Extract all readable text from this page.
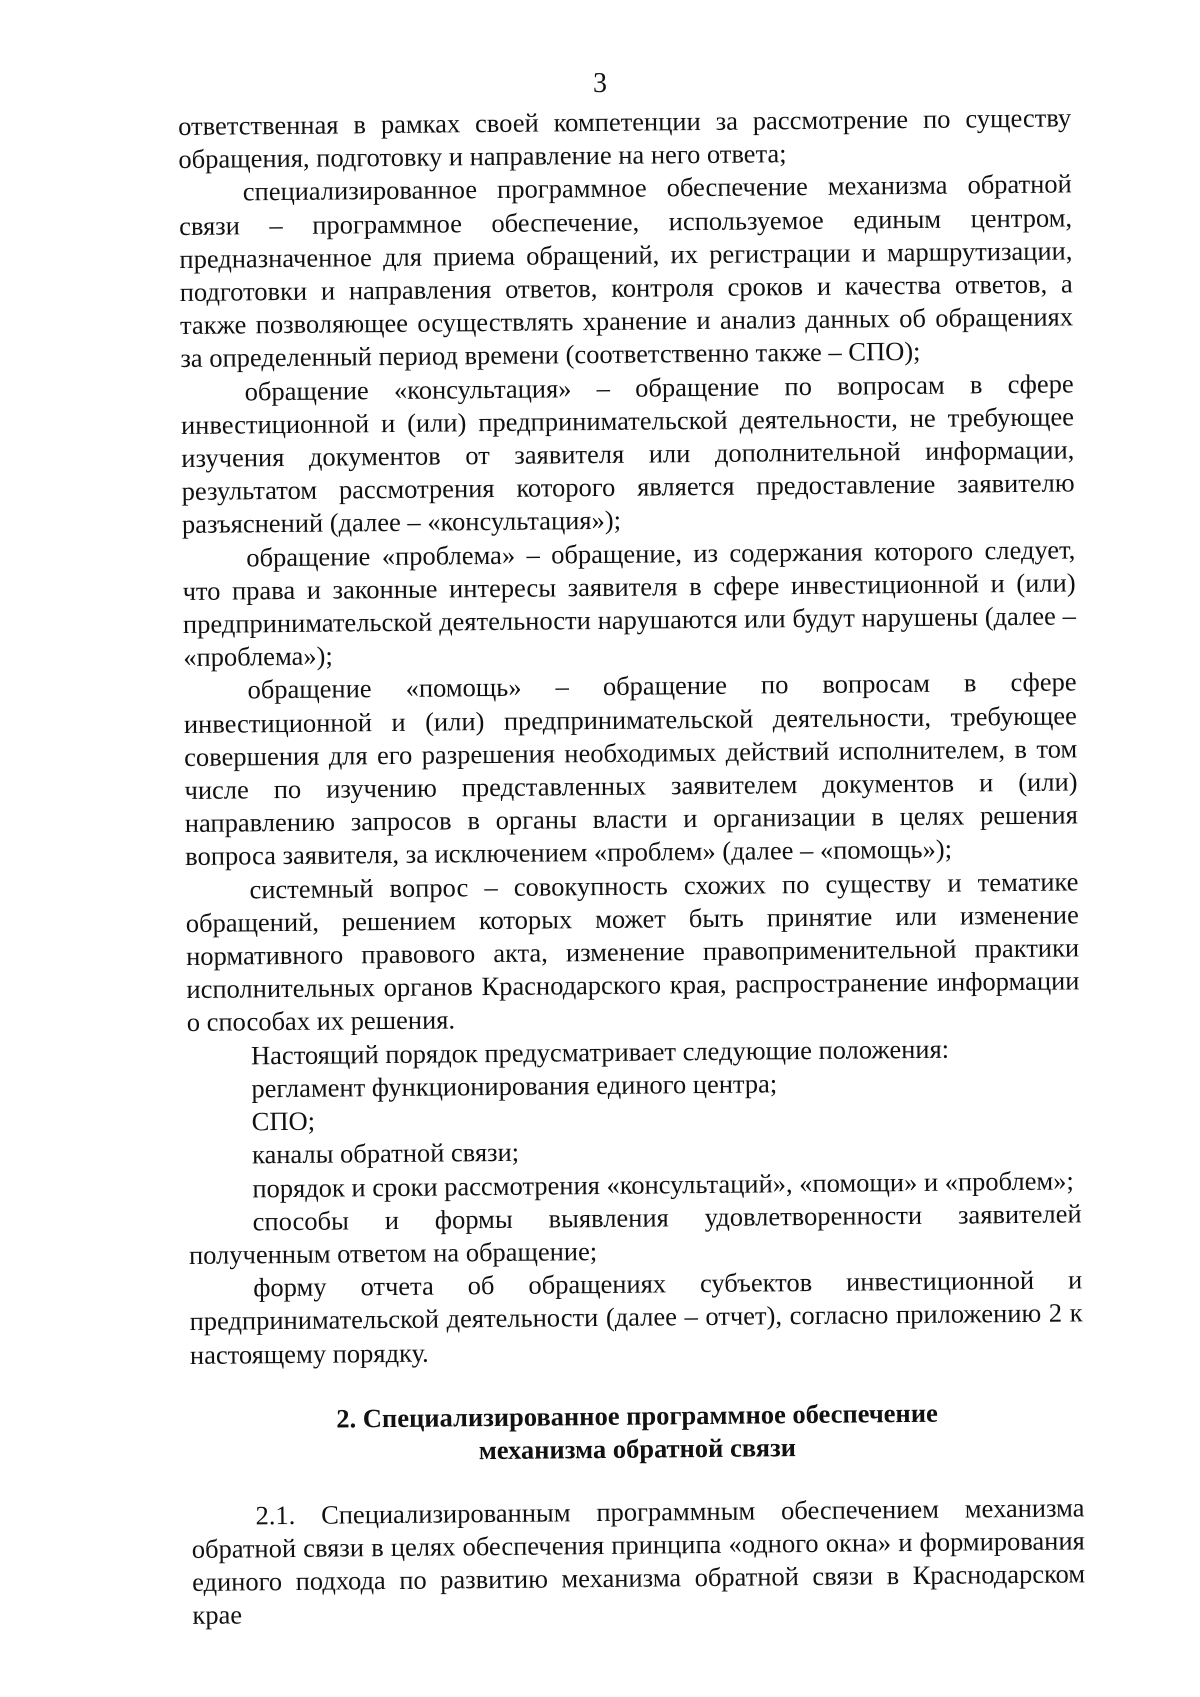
3

ответственная в рамках своей компетенции за рассмотрение по существу обращения, подготовку и направление на него ответа;

специализированное программное обеспечение механизма обратной связи – программное обеспечение, используемое единым центром, предназначенное для приема обращений, их регистрации и маршрутизации, подготовки и направления ответов, контроля сроков и качества ответов, а также позволяющее осуществлять хранение и анализ данных об обращениях за определенный период времени (соответственно также – СПО);

обращение «консультация» – обращение по вопросам в сфере инвестиционной и (или) предпринимательской деятельности, не требующее изучения документов от заявителя или дополнительной информации, результатом рассмотрения которого является предоставление заявителю разъяснений (далее – «консультация»);

обращение «проблема» – обращение, из содержания которого следует, что права и законные интересы заявителя в сфере инвестиционной и (или) предпринимательской деятельности нарушаются или будут нарушены (далее – «проблема»);

обращение «помощь» – обращение по вопросам в сфере инвестиционной и (или) предпринимательской деятельности, требующее совершения для его разрешения необходимых действий исполнителем, в том числе по изучению представленных заявителем документов и (или) направлению запросов в органы власти и организации в целях решения вопроса заявителя, за исключением «проблем» (далее – «помощь»);

системный вопрос – совокупность схожих по существу и тематике обращений, решением которых может быть принятие или изменение нормативного правового акта, изменение правоприменительной практики исполнительных органов Краснодарского края, распространение информации о способах их решения.

Настоящий порядок предусматривает следующие положения:

регламент функционирования единого центра;

СПО;

каналы обратной связи;

порядок и сроки рассмотрения «консультаций», «помощи» и «проблем»;

способы и формы выявления удовлетворенности заявителей полученным ответом на обращение;

форму отчета об обращениях субъектов инвестиционной и предпринимательской деятельности (далее – отчет), согласно приложению 2 к настоящему порядку.

2. Специализированное программное обеспечение
механизма обратной связи

2.1. Специализированным программным обеспечением механизма обратной связи в целях обеспечения принципа «одного окна» и формирования единого подхода по развитию механизма обратной связи в Краснодарском крае
